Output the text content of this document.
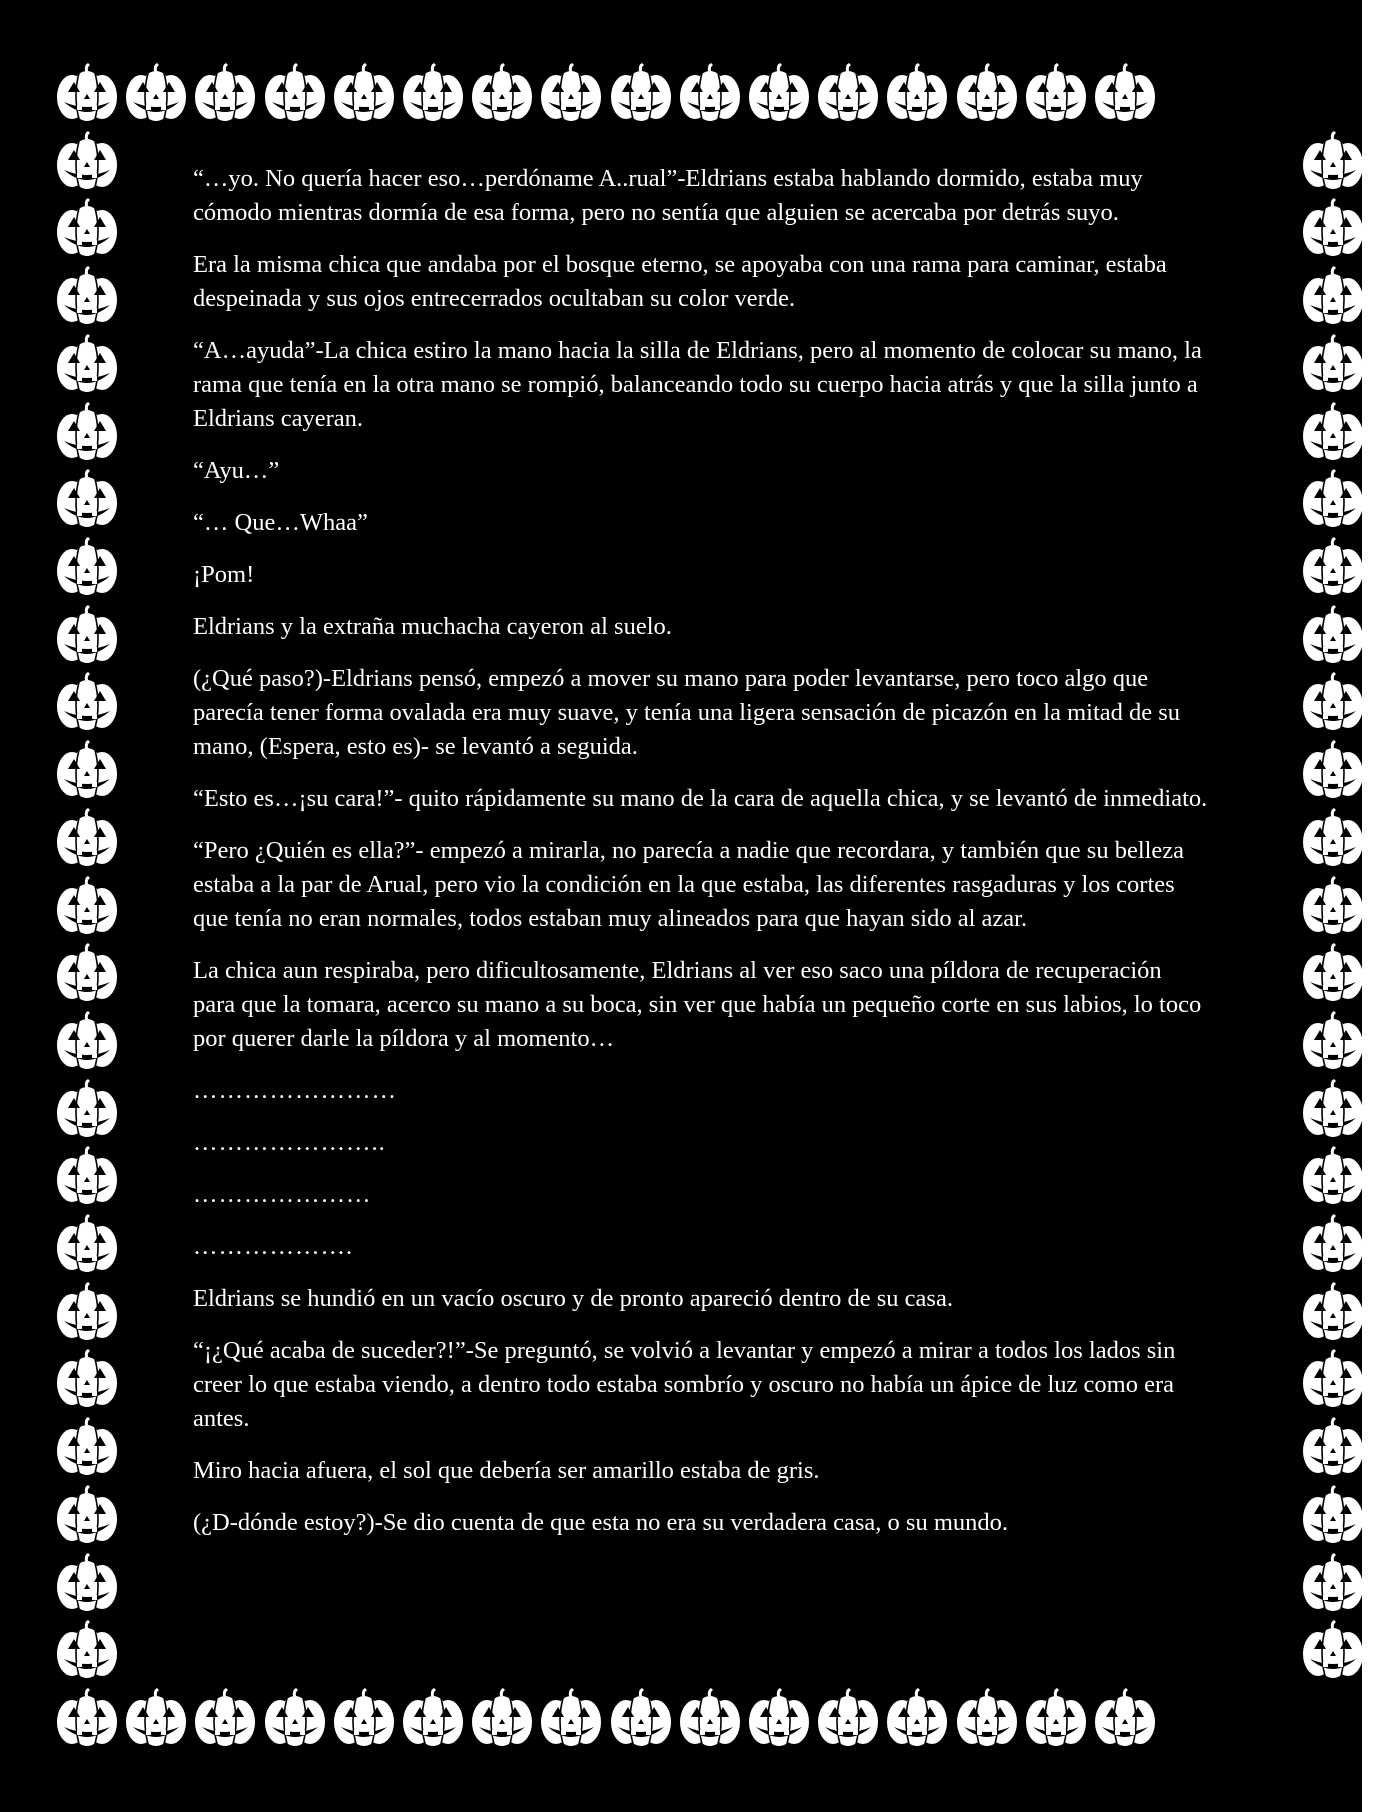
“…yo. No quería hacer eso…perdóname A..rual”-Eldrians estaba hablando dormido, estaba muy cómodo mientras dormía de esa forma, pero no sentía que alguien se acercaba por detrás suyo.

Era la misma chica que andaba por el bosque eterno, se apoyaba con una rama para caminar, estaba despeinada y sus ojos entrecerrados ocultaban su color verde.

“A…ayuda”-La chica estiro la mano hacia la silla de Eldrians, pero al momento de colocar su mano, la rama que tenía en la otra mano se rompió, balanceando todo su cuerpo hacia atrás y que la silla junto a Eldrians cayeran.

“Ayu…”

“… Que…Whaa”

¡Pom!

Eldrians y la extraña muchacha cayeron al suelo.

(¿Qué paso?)-Eldrians pensó, empezó a mover su mano para poder levantarse, pero toco algo que parecía tener forma ovalada era muy suave, y tenía una ligera sensación de picazón en la mitad de su mano, (Espera, esto es)- se levantó a seguida.

“Esto es…¡su cara!”- quito rápidamente su mano de la cara de aquella chica, y se levantó de inmediato.

“Pero ¿Quién es ella?”- empezó a mirarla, no parecía a nadie que recordara, y también que su belleza estaba a la par de Arual, pero vio la condición en la que estaba, las diferentes rasgaduras y los cortes que tenía no eran normales, todos estaban muy alineados para que hayan sido al azar.

La chica aun respiraba, pero dificultosamente, Eldrians al ver eso saco una píldora de recuperación para que la tomara, acerco su mano a su boca, sin ver que había un pequeño corte en sus labios, lo toco por querer darle la píldora y al momento…

……………………

…………………..

…………………

……………….

Eldrians se hundió en un vacío oscuro y de pronto apareció dentro de su casa.

“¡¿Qué acaba de suceder?!”-Se preguntó, se volvió a levantar y empezó a mirar a todos los lados sin creer lo que estaba viendo, a dentro todo estaba sombrío y oscuro no había un ápice de luz como era antes.

Miro hacia afuera, el sol que debería ser amarillo estaba de gris.

(¿D-dónde estoy?)-Se dio cuenta de que esta no era su verdadera casa, o su mundo.
